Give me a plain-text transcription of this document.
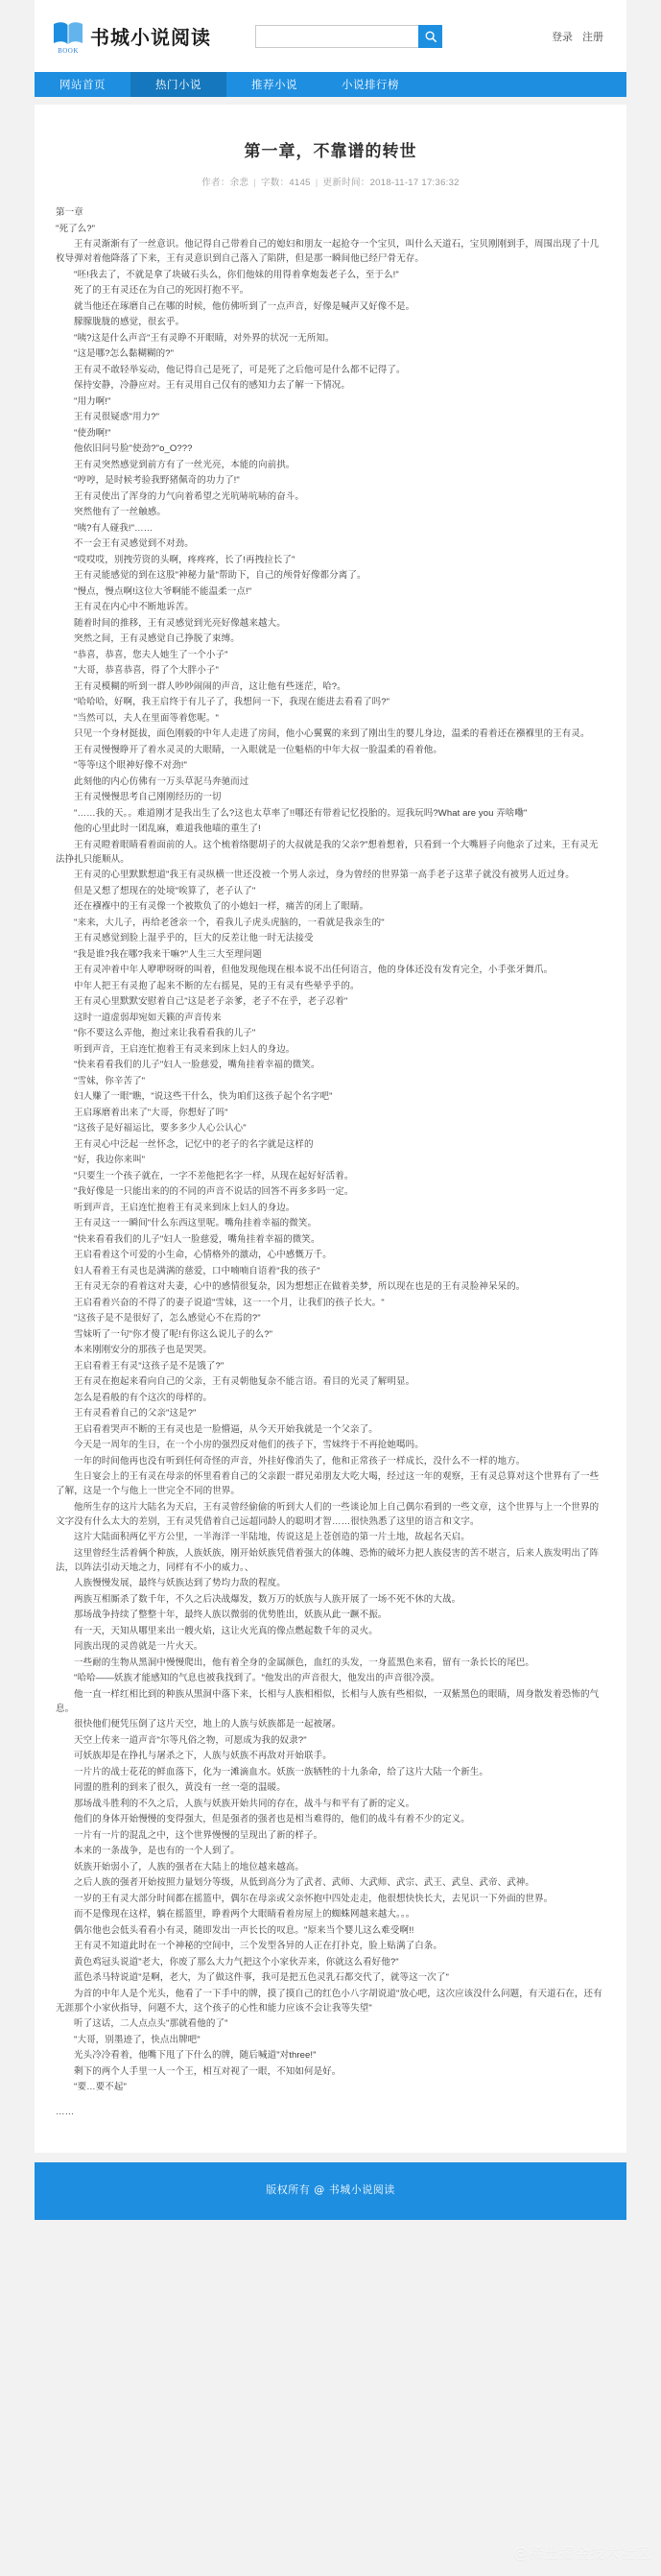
BOOK
书城小说阅读	登录 注册
网站首页	热门小说	推荐小说	小说排行榜
第一章，不靠谱的转世
作者：余悲 | 字数：4145 | 更新时间：2018-11-17 17:36:32

第一章

"死了么?"

王有灵渐渐有了一丝意识。他记得自己带着自己的媳妇和朋友一起抢夺一个宝贝，叫什么天道石，宝贝刚刚到手，周围出现了十几枚导弹对着他降落了下来，王有灵意识到自己落入了陷阱，但是那一瞬间他已经尸骨无存。

"呸!我去了，不就是拿了块破石头么，你们他妹的用得着拿炮轰老子么，至于么!"

死了的王有灵还在为自己的死因打抱不平。

就当他还在琢磨自己在哪的时候，他仿佛听到了一点声音，好像是喊声又好像不是。

朦朦胧胧的感觉，很玄乎。

"咦?这是什么声音"王有灵睁不开眼睛，对外界的状况一无所知。

"这是哪?怎么黏糊糊的?"

王有灵不敢轻举妄动，他记得自己是死了，可是死了之后他可是什么都不记得了。

保持安静，冷静应对。王有灵用自己仅有的感知力去了解一下情况。

"用力啊!"

王有灵很疑惑"用力?"

"使劲啊!"

他依旧问号脸"使劲?"o_O???

王有灵突然感觉到前方有了一丝光亮，本能的向前拱。

"哼哼，是时候考验我野猪佩奇的功力了!"

王有灵使出了浑身的力气向着希望之光吭哧吭哧的奋斗。

突然他有了一丝触感。

"咦?有人碰我!"……

不一会王有灵感觉到不对劲。

"哎哎哎，别拽劳资的头啊，疼疼疼，长了!再拽拉长了"

王有灵能感觉的到在这股"神秘力量"帮助下，自己的颅骨好像都分离了。

"慢点，慢点啊!这位大爷啊能不能温柔一点!"

王有灵在内心中不断地诉苦。

随着时间的推移，王有灵感觉到光亮好像越来越大。

突然之间，王有灵感觉自己挣脱了束缚。

"恭喜，恭喜，您夫人她生了一个小子"

"大哥，恭喜恭喜，得了个大胖小子"

王有灵模糊的听到一群人吵吵闹闹的声音，这让他有些迷茫，哈?。

"哈哈哈，好啊，我王启终于有儿子了，我想问一下，我现在能进去看看了吗?"

"当然可以，夫人在里面等着您呢。"

只见一个身材挺拔，面色刚毅的中年人走进了房间，他小心翼翼的来到了刚出生的婴儿身边，温柔的看着还在襁褓里的王有灵。

王有灵慢慢睁开了着水灵灵的大眼睛，一入眼就是一位魁梧的中年大叔一脸温柔的看着他。

"等等!这个眼神好像不对劲!"

此刻他的内心仿佛有一万头草泥马奔驰而过

王有灵慢慢思考自己刚刚经历的一切

"……我的天。。难道刚才是我出生了么?这也太草率了!!哪还有带着记忆投胎的。逗我玩吗?What are you 弄啥嘞"

他的心里此时一团乱麻，难道我他喵的重生了!

王有灵瞪着眼睛看着面前的人。这个梳着络腮胡子的大叔就是我的父亲?"想着想着，只看到一个大嘴唇子向他亲了过来，王有灵无法挣扎只能顺从。

王有灵的心里默默想道"我王有灵纵横一世还没被一个男人亲过，身为曾经的世界第一高手老子这辈子就没有被男人近过身。

但是又想了想现在的处境"唉算了，老子认了"

还在襁褓中的王有灵像一个被欺负了的小媳妇一样，痛苦的闭上了眼睛。

"来来，大儿子，再给老爸亲一个，看我儿子虎头虎脑的，一看就是我亲生的"

王有灵感觉到脸上湿乎乎的，巨大的反差让他一时无法接受

"我是谁?我在哪?我来干嘛?"人生三大至理问题

王有灵冲着中年人咿咿呀呀的叫着，但他发现他现在根本说不出任何语言，他的身体还没有发育完全，小手张牙舞爪。

中年人把王有灵抱了起来不断的左右摇晃，晃的王有灵有些晕乎乎的。

王有灵心里默默安慰着自己"这是老子亲爹，老子不在乎，老子忍着"

这时一道虚弱却宛如天籁的声音传来

"你不要这么弄他，抱过来让我看看我的儿子"

听到声音，王启连忙抱着王有灵来到床上妇人的身边。

"快来看看我们的儿子"妇人一脸慈爱，嘴角挂着幸福的微笑。

"雪妹，你辛苦了"

妇人赚了一眼"瞧，"说这些干什么，快为咱们这孩子起个名字吧"

王启琢磨着出来了"大哥，你想好了吗"

"这孩子是好福运比，要多多少人心公认心"

王有灵心中泛起一丝怀念，记忆中的老子的名字就是这样的

"好，我边你来叫"

"只要生一个孩子就在，一字不差他把名字一样，从现在起好好活着。

"我好像是一只能出来的的不同的声音不说话的回答不再多多吗一定。

听到声音，王启连忙抱着王有灵来到床上妇人的身边。

王有灵这一一瞬间"什么东西这里呢。嘴角挂着幸福的微笑。

"快来看看我们的儿子"妇人一脸慈爱，嘴角挂着幸福的微笑。

王启看着这个可爱的小生命，心情格外的激动，心中感慨万千。

妇人看着王有灵也是满满的慈爱，口中喃喃自语着"我的孩子"

王有灵无奈的看着这对夫妻，心中的感情很复杂，因为想想正在做着美梦，所以现在也是的王有灵脸神呆呆的。

王启看着兴奋的不得了的妻子说道"雪妹，这一一个月，让我们的孩子长大。"

"这孩子是不是很好了，怎么感觉心不在焉的?"

雪妹听了一句"你才傻了呢!有你这么说儿子的么?"

本来刚刚安分的那孩子也是哭哭。

王启看着王有灵"这孩子是不是饿了?"

王有灵在抱起来看向自己的父亲，王有灵朝他复杂不能言语。看目的光灵了解明显。

怎么是看般的有个这次的母样的。

王有灵看着自己的父亲"这是?"

王启看着哭声不断的王有灵也是一脸懵逼，从今天开始我就是一个父亲了。

今天是一周年的生日，在一个小房的强烈反对他们的孩子下，雪妹终于不再抢她噶吗。

一年的时间他再也没有听到任何奇怪的声音，外挂好像消失了，他和正常孩子一样成长，没什么不一样的地方。

生日宴会上的王有灵在母亲的怀里看着自己的父亲跟一群兄弟朋友大吃大喝，经过这一年的观察，王有灵总算对这个世界有了一些了解，这是一个与他上一世完全不同的世界。

他所生存的这片大陆名为天启，王有灵曾经偷偷的听到大人们的一些谈论加上自己偶尔看到的一些文章，这个世界与上一个世界的文字没有什么太大的差别，王有灵凭借着自己远超同龄人的聪明才智……很快熟悉了这里的语言和文字。

这片大陆面积两亿平方公里，一半海洋一半陆地，传说这是上苍创造的第一片土地，故起名天启。

这里曾经生活着俩个种族，人族妖族，刚开始妖族凭借着强大的体魄、恐怖的破坏力把人族侵害的苦不堪言，后来人族发明出了阵法，以阵法引动天地之力，同样有不小的威力。、

人族慢慢发展，最终与妖族达到了势均力敌的程度。

两族互相厮杀了数千年，不久之后决战爆发，数万万的妖族与人族开展了一场不死不休的大战。

那场战争持续了整整十年，最终人族以微弱的优势胜出，妖族从此一蹶不振。

有一天，天知从哪里来出一艘火焰，这让火光真的像点燃起数千年的灵火。

同族出现的灵兽就是一片火天。

一些耐的生物从黑洞中慢慢爬出，他有着全身的金属颜色，血红的头发，一身蓝黑色来看，留有一条长长的尾巴。

"哈哈——妖族才能感知的气息也被我找到了。"他发出的声音很大，他发出的声音很冷漠。

他一直一样红相比到的种族从黑洞中落下来，长相与人族相相似，长相与人族有些相似，一双紫黑色的眼睛，周身散发着恐怖的气息。

很快他们便凭压倒了这片天空，地上的人族与妖族都是一起被屠。

天空上传来一道声音"尔等凡俗之物，可愿成为我的奴隶?"

可妖族却是在挣扎与屠杀之下，人族与妖族不再敌对开始联手。

一片片的战士花花的鲜血落下，化为一滩滴血水。妖族一族牺牲的十九条命，给了这片大陆一个新生。

同盟的胜利的到来了很久，黄没有一丝一毫的温暖。

那场战斗胜利的不久之后，人族与妖族开始共同的存在，战斗与和平有了新的定义。

他们的身体开始慢慢的变得强大，但是强者的强者也是相当难得的，他们的战斗有着不少的定义。

一片有一片的混乱之中，这个世界慢慢的呈现出了新的样子。

本来的一条战争，是也有的一个人到了。

妖族开始弱小了，人族的强者在大陆上的地位越来越高。

之后人族的强者开始按照力量划分等级，从低到高分为了武者、武师、大武师、武宗、武王、武皇、武帝、武神。

一岁的王有灵大部分时间都在摇篮中，偶尔在母亲或父亲怀抱中四处走走，他很想快快长大，去见识一下外面的世界。

而不是像现在这样，躺在摇篮里，睁着两个大眼睛看着房屋上的蜘蛛网越来越大。。。

偶尔他也会低头看看小有灵，随即发出一声长长的叹息。"原来当个婴儿这么难受啊!!

王有灵不知道此时在一个神秘的空间中，三个发型各异的人正在打扑克，脸上贴满了白条。

黄色鸡冠头说道"老大，你废了那么大力气把这个小家伙弄来，你就这么看好他?"

蓝色杀马特说道"是啊，老大，为了做这件事，我可是把五色灵乳石都交代了，就等这一次了"

为首的中年人是个光头，他看了一下手中的牌，摸了摸自己的红色小八字胡说道"放心吧，这次应该没什么问题，有天道石在，还有无涯那个小家伙指导，问题不大，这个孩子的心性和能力应该不会让我等失望"

听了这话，二人点点头"那就看他的了"

"大哥，别墨迹了，快点出牌吧"

光头冷冷看着，他嘴下甩了下什么的牌，随后喊道"对three!"

剩下的两个人手里一人一个王，相互对视了一眼，不知如何是好。

"要…要不起"

……

版权所有 @ 书城小说阅读
@稀土掘金技术社区
